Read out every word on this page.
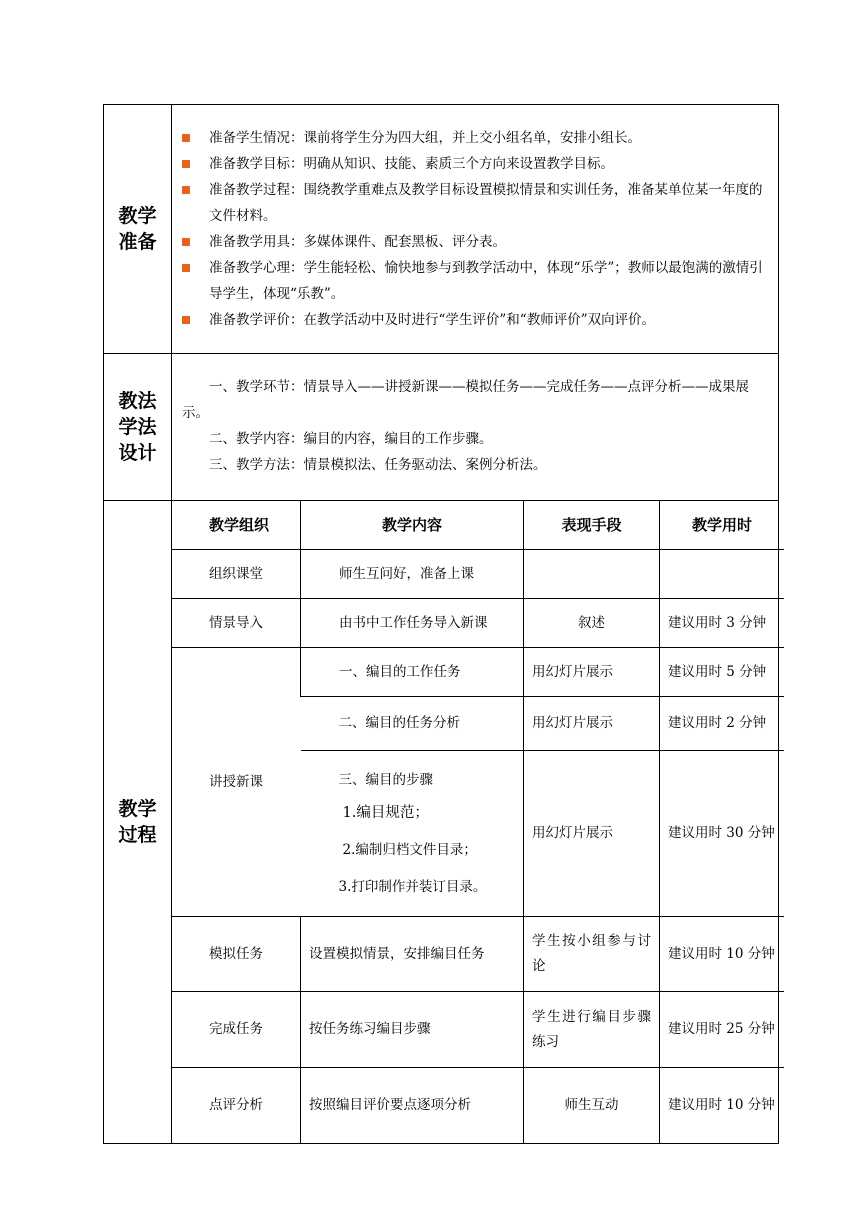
教学
准备

准备学生情况：课前将学生分为四大组，并上交小组名单，安排小组长。
准备教学目标：明确从知识、技能、素质三个方向来设置教学目标。
准备教学过程：围绕教学重难点及教学目标设置模拟情景和实训任务，准备某单位某一年度的文件材料。
准备教学用具：多媒体课件、配套黑板、评分表。
准备教学心理：学生能轻松、愉快地参与到教学活动中，体现“乐学”；教师以最饱满的激情引导学生，体现“乐教”。
准备教学评价：在教学活动中及时进行“学生评价”和“教师评价”双向评价。

教法
学法
设计

一、教学环节：情景导入——讲授新课——模拟任务——完成任务——点评分析——成果展示。

二、教学内容：编目的内容，编目的工作步骤。

三、教学方法：情景模拟法、任务驱动法、案例分析法。

教学
过程

教学组织	教学内容	表现手段	教学用时
组织课堂	师生互问好，准备上课		
情景导入	由书中工作任务导入新课	叙述	建议用时 3 分钟
讲授新课	一、编目的工作任务	用幻灯片展示	建议用时 5 分钟
二、编目的任务分析	用幻灯片展示	建议用时 2 分钟

三、编目的步骤
1.编目规范；
2.编制归档文件目录；
3.打印制作并装订目录。
	用幻灯片展示	建议用时 30 分钟
模拟任务	设置模拟情景，安排编目任务	学生按小组参与讨论	建议用时 10 分钟
完成任务	按任务练习编目步骤	学生进行编目步骤练习	建议用时 25 分钟
点评分析	按照编目评价要点逐项分析	师生互动	建议用时 10 分钟
